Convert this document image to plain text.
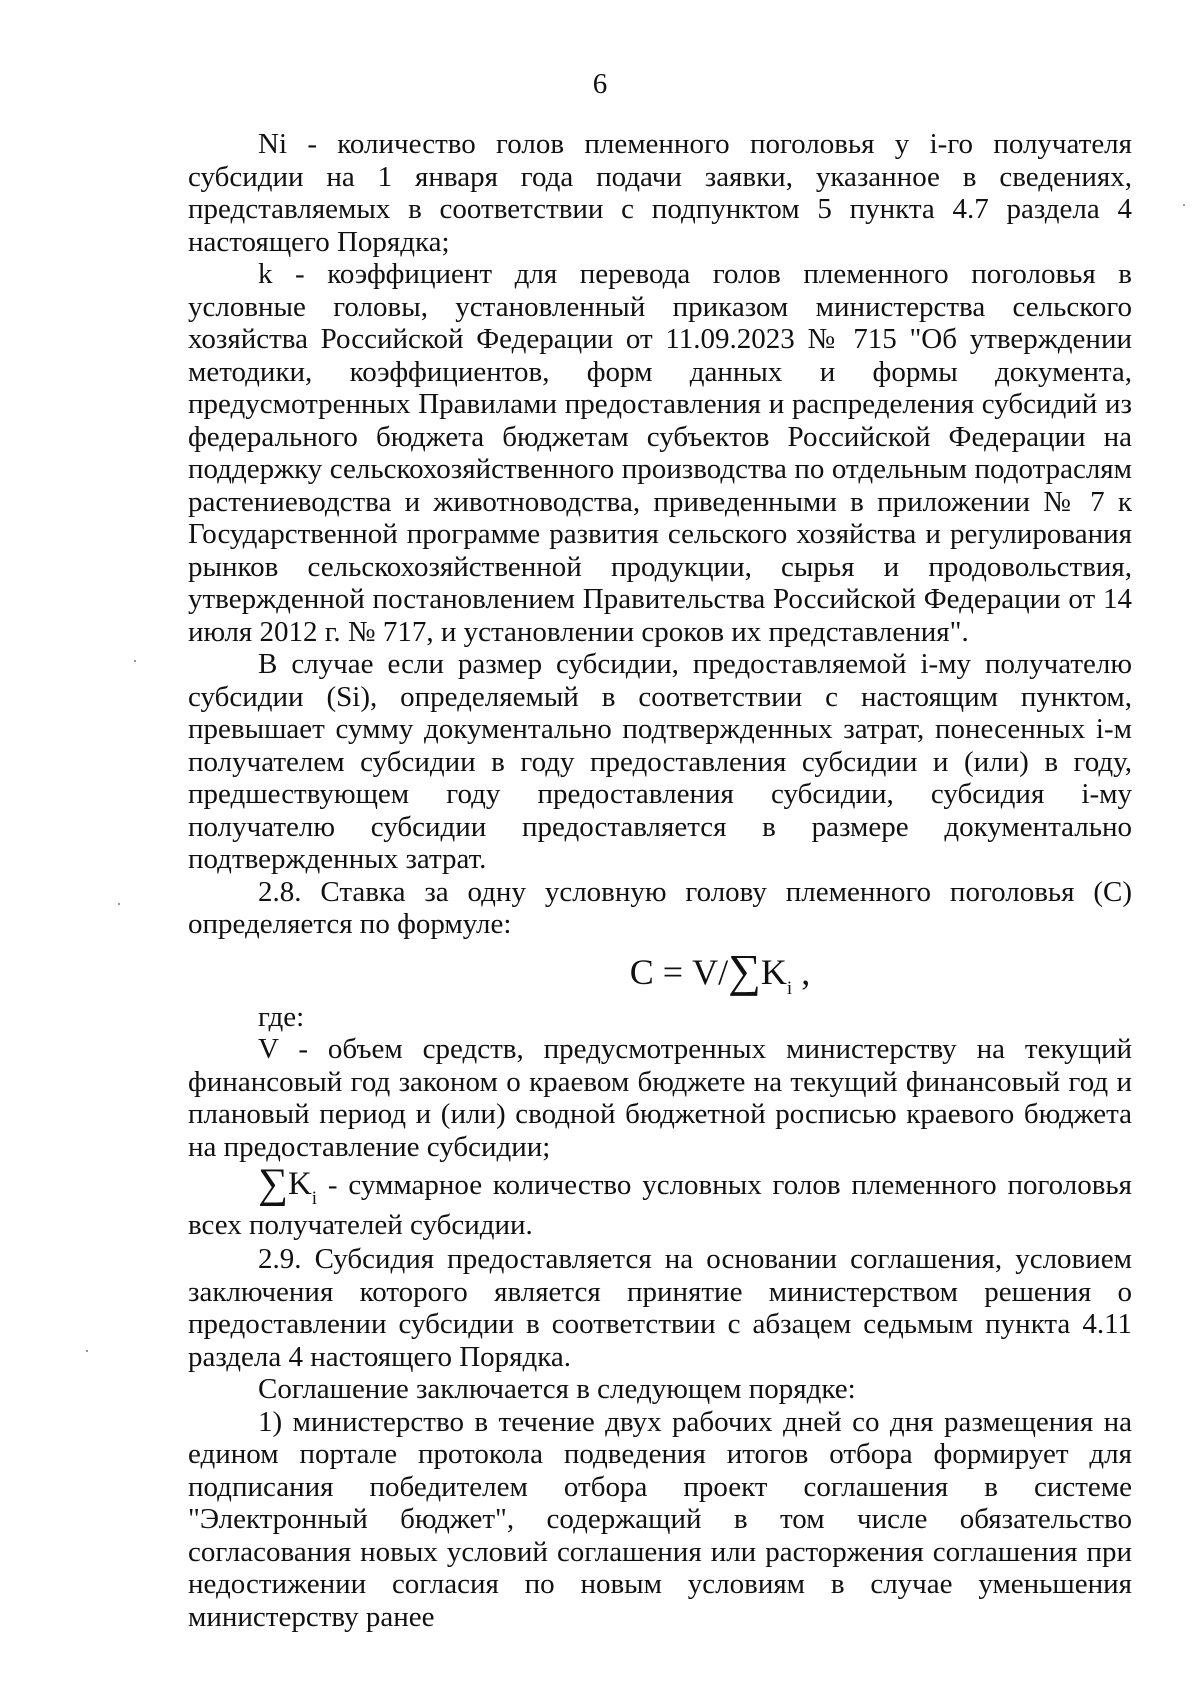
6

Ni - количество голов племенного поголовья у i-го получателя субсидии на 1 января года подачи заявки, указанное в сведениях, представляемых в соответствии с подпунктом 5 пункта 4.7 раздела 4 настоящего Порядка;

k - коэффициент для перевода голов племенного поголовья в условные головы, установленный приказом министерства сельского хозяйства Российской Федерации от 11.09.2023 № 715 "Об утверждении методики, коэффициентов, форм данных и формы документа, предусмотренных Правилами предоставления и распределения субсидий из федерального бюджета бюджетам субъектов Российской Федерации на поддержку сельскохозяйственного производства по отдельным подотраслям растениеводства и животноводства, приведенными в приложении № 7 к Государственной программе развития сельского хозяйства и регулирования рынков сельскохозяйственной продукции, сырья и продовольствия, утвержденной постановлением Правительства Российской Федерации от 14 июля 2012 г. № 717, и установлении сроков их представления".

В случае если размер субсидии, предоставляемой i-му получателю субсидии (Si), определяемый в соответствии с настоящим пунктом, превышает сумму документально подтвержденных затрат, понесенных i-м получателем субсидии в году предоставления субсидии и (или) в году, предшествующем году предоставления субсидии, субсидия i-му получателю субсидии предоставляется в размере документально подтвержденных затрат.

2.8. Ставка за одну условную голову племенного поголовья (С) определяется по формуле:

$С = V/\sum K_i$ ,

где:

V - объем средств, предусмотренных министерству на текущий финансовый год законом о краевом бюджете на текущий финансовый год и плановый период и (или) сводной бюджетной росписью краевого бюджета на предоставление субсидии;

$\sum K_i$ - суммарное количество условных голов племенного поголовья всех получателей субсидии.

2.9. Субсидия предоставляется на основании соглашения, условием заключения которого является принятие министерством решения о предоставлении субсидии в соответствии с абзацем седьмым пункта 4.11 раздела 4 настоящего Порядка.

Соглашение заключается в следующем порядке:

1) министерство в течение двух рабочих дней со дня размещения на едином портале протокола подведения итогов отбора формирует для подписания победителем отбора проект соглашения в системе "Электронный бюджет", содержащий в том числе обязательство согласования новых условий соглашения или расторжения соглашения при недостижении согласия по новым условиям в случае уменьшения министерству ранее
